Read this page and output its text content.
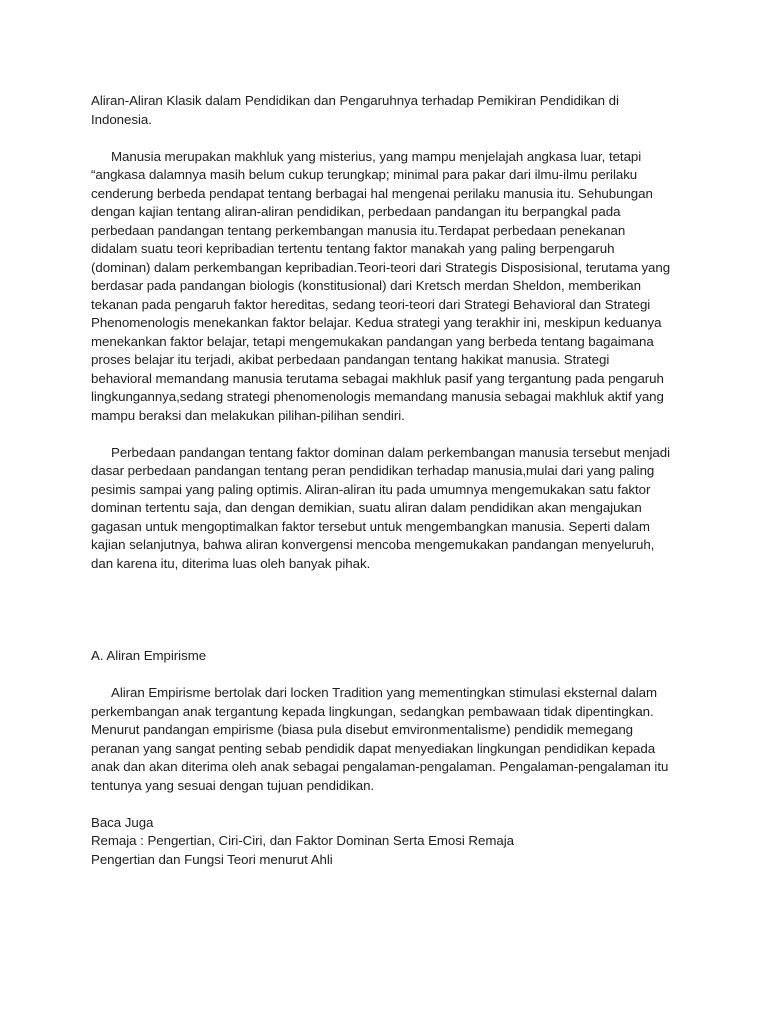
Aliran-Aliran Klasik dalam Pendidikan dan Pengaruhnya terhadap Pemikiran Pendidikan di Indonesia.

Manusia merupakan makhluk yang misterius, yang mampu menjelajah angkasa luar, tetapi “angkasa dalamnya masih belum cukup terungkap; minimal para pakar dari ilmu-ilmu perilaku cenderung berbeda pendapat tentang berbagai hal mengenai perilaku manusia itu. Sehubungan dengan kajian tentang aliran-aliran pendidikan, perbedaan pandangan itu berpangkal pada perbedaan pandangan tentang perkembangan manusia itu.Terdapat perbedaan penekanan didalam suatu teori kepribadian tertentu tentang faktor manakah yang paling berpengaruh (dominan) dalam perkembangan kepribadian.Teori-teori dari Strategis Disposisional, terutama yang berdasar pada pandangan biologis (konstitusional) dari Kretsch merdan Sheldon, memberikan tekanan pada pengaruh faktor hereditas, sedang teori-teori dari Strategi Behavioral dan Strategi Phenomenologis menekankan faktor belajar. Kedua strategi yang terakhir ini, meskipun keduanya menekankan faktor belajar, tetapi mengemukakan pandangan yang berbeda tentang bagaimana proses belajar itu terjadi, akibat perbedaan pandangan tentang hakikat manusia. Strategi behavioral memandang manusia terutama sebagai makhluk pasif yang tergantung pada pengaruh lingkungannya,sedang strategi phenomenologis memandang manusia sebagai makhluk aktif yang mampu beraksi dan melakukan pilihan-pilihan sendiri.

Perbedaan pandangan tentang faktor dominan dalam perkembangan manusia tersebut menjadi dasar perbedaan pandangan tentang peran pendidikan terhadap manusia,mulai dari yang paling pesimis sampai yang paling optimis. Aliran-aliran itu pada umumnya mengemukakan satu faktor dominan tertentu saja, dan dengan demikian, suatu aliran dalam pendidikan akan mengajukan gagasan untuk mengoptimalkan faktor tersebut untuk mengembangkan manusia. Seperti dalam kajian selanjutnya, bahwa aliran konvergensi mencoba mengemukakan pandangan menyeluruh, dan karena itu, diterima luas oleh banyak pihak.

A. Aliran Empirisme

Aliran Empirisme bertolak dari locken Tradition yang mementingkan stimulasi eksternal dalam perkembangan anak tergantung kepada lingkungan, sedangkan pembawaan tidak dipentingkan. Menurut pandangan empirisme (biasa pula disebut emvironmentalisme) pendidik memegang peranan yang sangat penting sebab pendidik dapat menyediakan lingkungan pendidikan kepada anak dan akan diterima oleh anak sebagai pengalaman-pengalaman. Pengalaman-pengalaman itu tentunya yang sesuai dengan tujuan pendidikan.

Baca Juga

Remaja : Pengertian, Ciri-Ciri, dan Faktor Dominan Serta Emosi Remaja

Pengertian dan Fungsi Teori menurut Ahli
